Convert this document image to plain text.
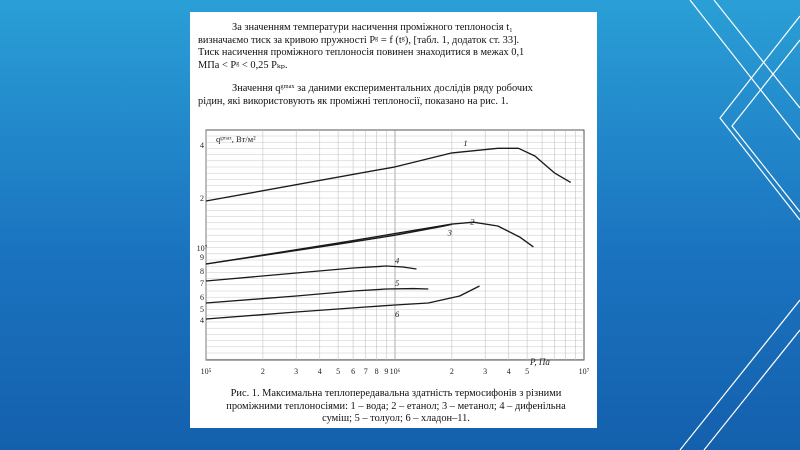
За значенням температури насичення проміжного теплоносія t₁

визначаємо тиск за кривою пружності Pᵍ = f (tᵍ), [табл. 1, додаток ст. 33].

Тиск насичення проміжного теплоносія повинен знаходитися в межах 0,1

МПа < Pᵍ < 0,25 Pₖₚ.

Значення qᵍᵐᵃˣ за даними експериментальних дослідів ряду робочих

рідин, які використовують як проміжні теплоносії, показано на рис. 1.

10⁵	2	3 4 5 6 7 8 9 10⁶	2	3 4 5	10⁷
4
2
10⁷
9
8
7
6
5
4
1
2
3
4
5
6
qᵍᵐᵃˣ, Вт/м²
P, Па
Рис. 1. Максимальна теплопередавальна здатність термосифонів з різними
проміжними теплоносіями: 1 – вода; 2 – етанол; 3 – метанол; 4 – дифенільна
суміш; 5 – толуол; 6 – хладон–11.
